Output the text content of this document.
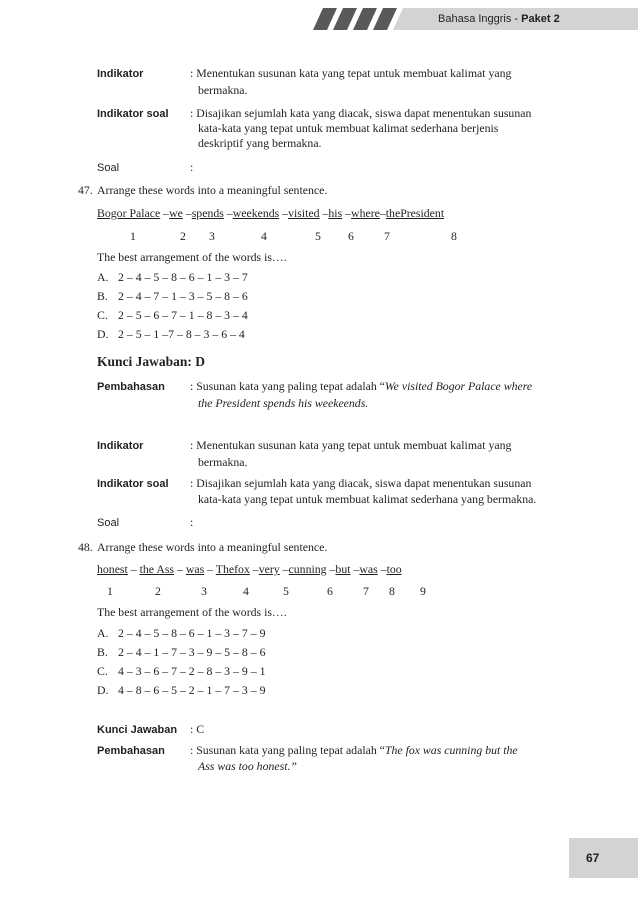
Bahasa Inggris - Paket 2
Indikator	: Menentukan susunan kata yang tepat untuk membuat kalimat yang
bermakna.
Indikator soal : Disajikan sejumlah kata yang diacak, siswa dapat menentukan susunan
kata-kata yang tepat untuk membuat kalimat sederhana berjenis
deskriptif yang bermakna.
Soal	:
47. Arrange these words into a meaningful sentence.
Bogor Palace –we –spends –weekends –visited –his –where–thePresident
1	2 3	4	5 6	7	8
The best arrangement of the words is….
A. 2 – 4 – 5 – 8 – 6 – 1 – 3 – 7
B. 2 – 4 – 7 – 1 – 3 – 5 – 8 – 6
C. 2 – 5 – 6 – 7 – 1 – 8 – 3 – 4
D. 2 – 5 – 1 –7 – 8 – 3 – 6 – 4
Kunci Jawaban: D
Pembahasan : Susunan kata yang paling tepat adalah “We visited Bogor Palace where
the President spends his weekeends.
Indikator	: Menentukan susunan kata yang tepat untuk membuat kalimat yang
bermakna.
Indikator soal : Disajikan sejumlah kata yang diacak, siswa dapat menentukan susunan
kata-kata yang tepat untuk membuat kalimat sederhana yang bermakna.
Soal	:
48. Arrange these words into a meaningful sentence.
honest – the Ass – was – Thefox –very –cunning –but –was –too
1	2	3	4	5	6	7 8 9
The best arrangement of the words is….
A. 2 – 4 – 5 – 8 – 6 – 1 – 3 – 7 – 9
B. 2 – 4 – 1 – 7 – 3 – 9 – 5 – 8 – 6
C. 4 – 3 – 6 – 7 – 2 – 8 – 3 – 9 – 1
D. 4 – 8 – 6 – 5 – 2 – 1 – 7 – 3 – 9
Kunci Jawaban : C
Pembahasan : Susunan kata yang paling tepat adalah “The fox was cunning but the
Ass was too honest.”
67
